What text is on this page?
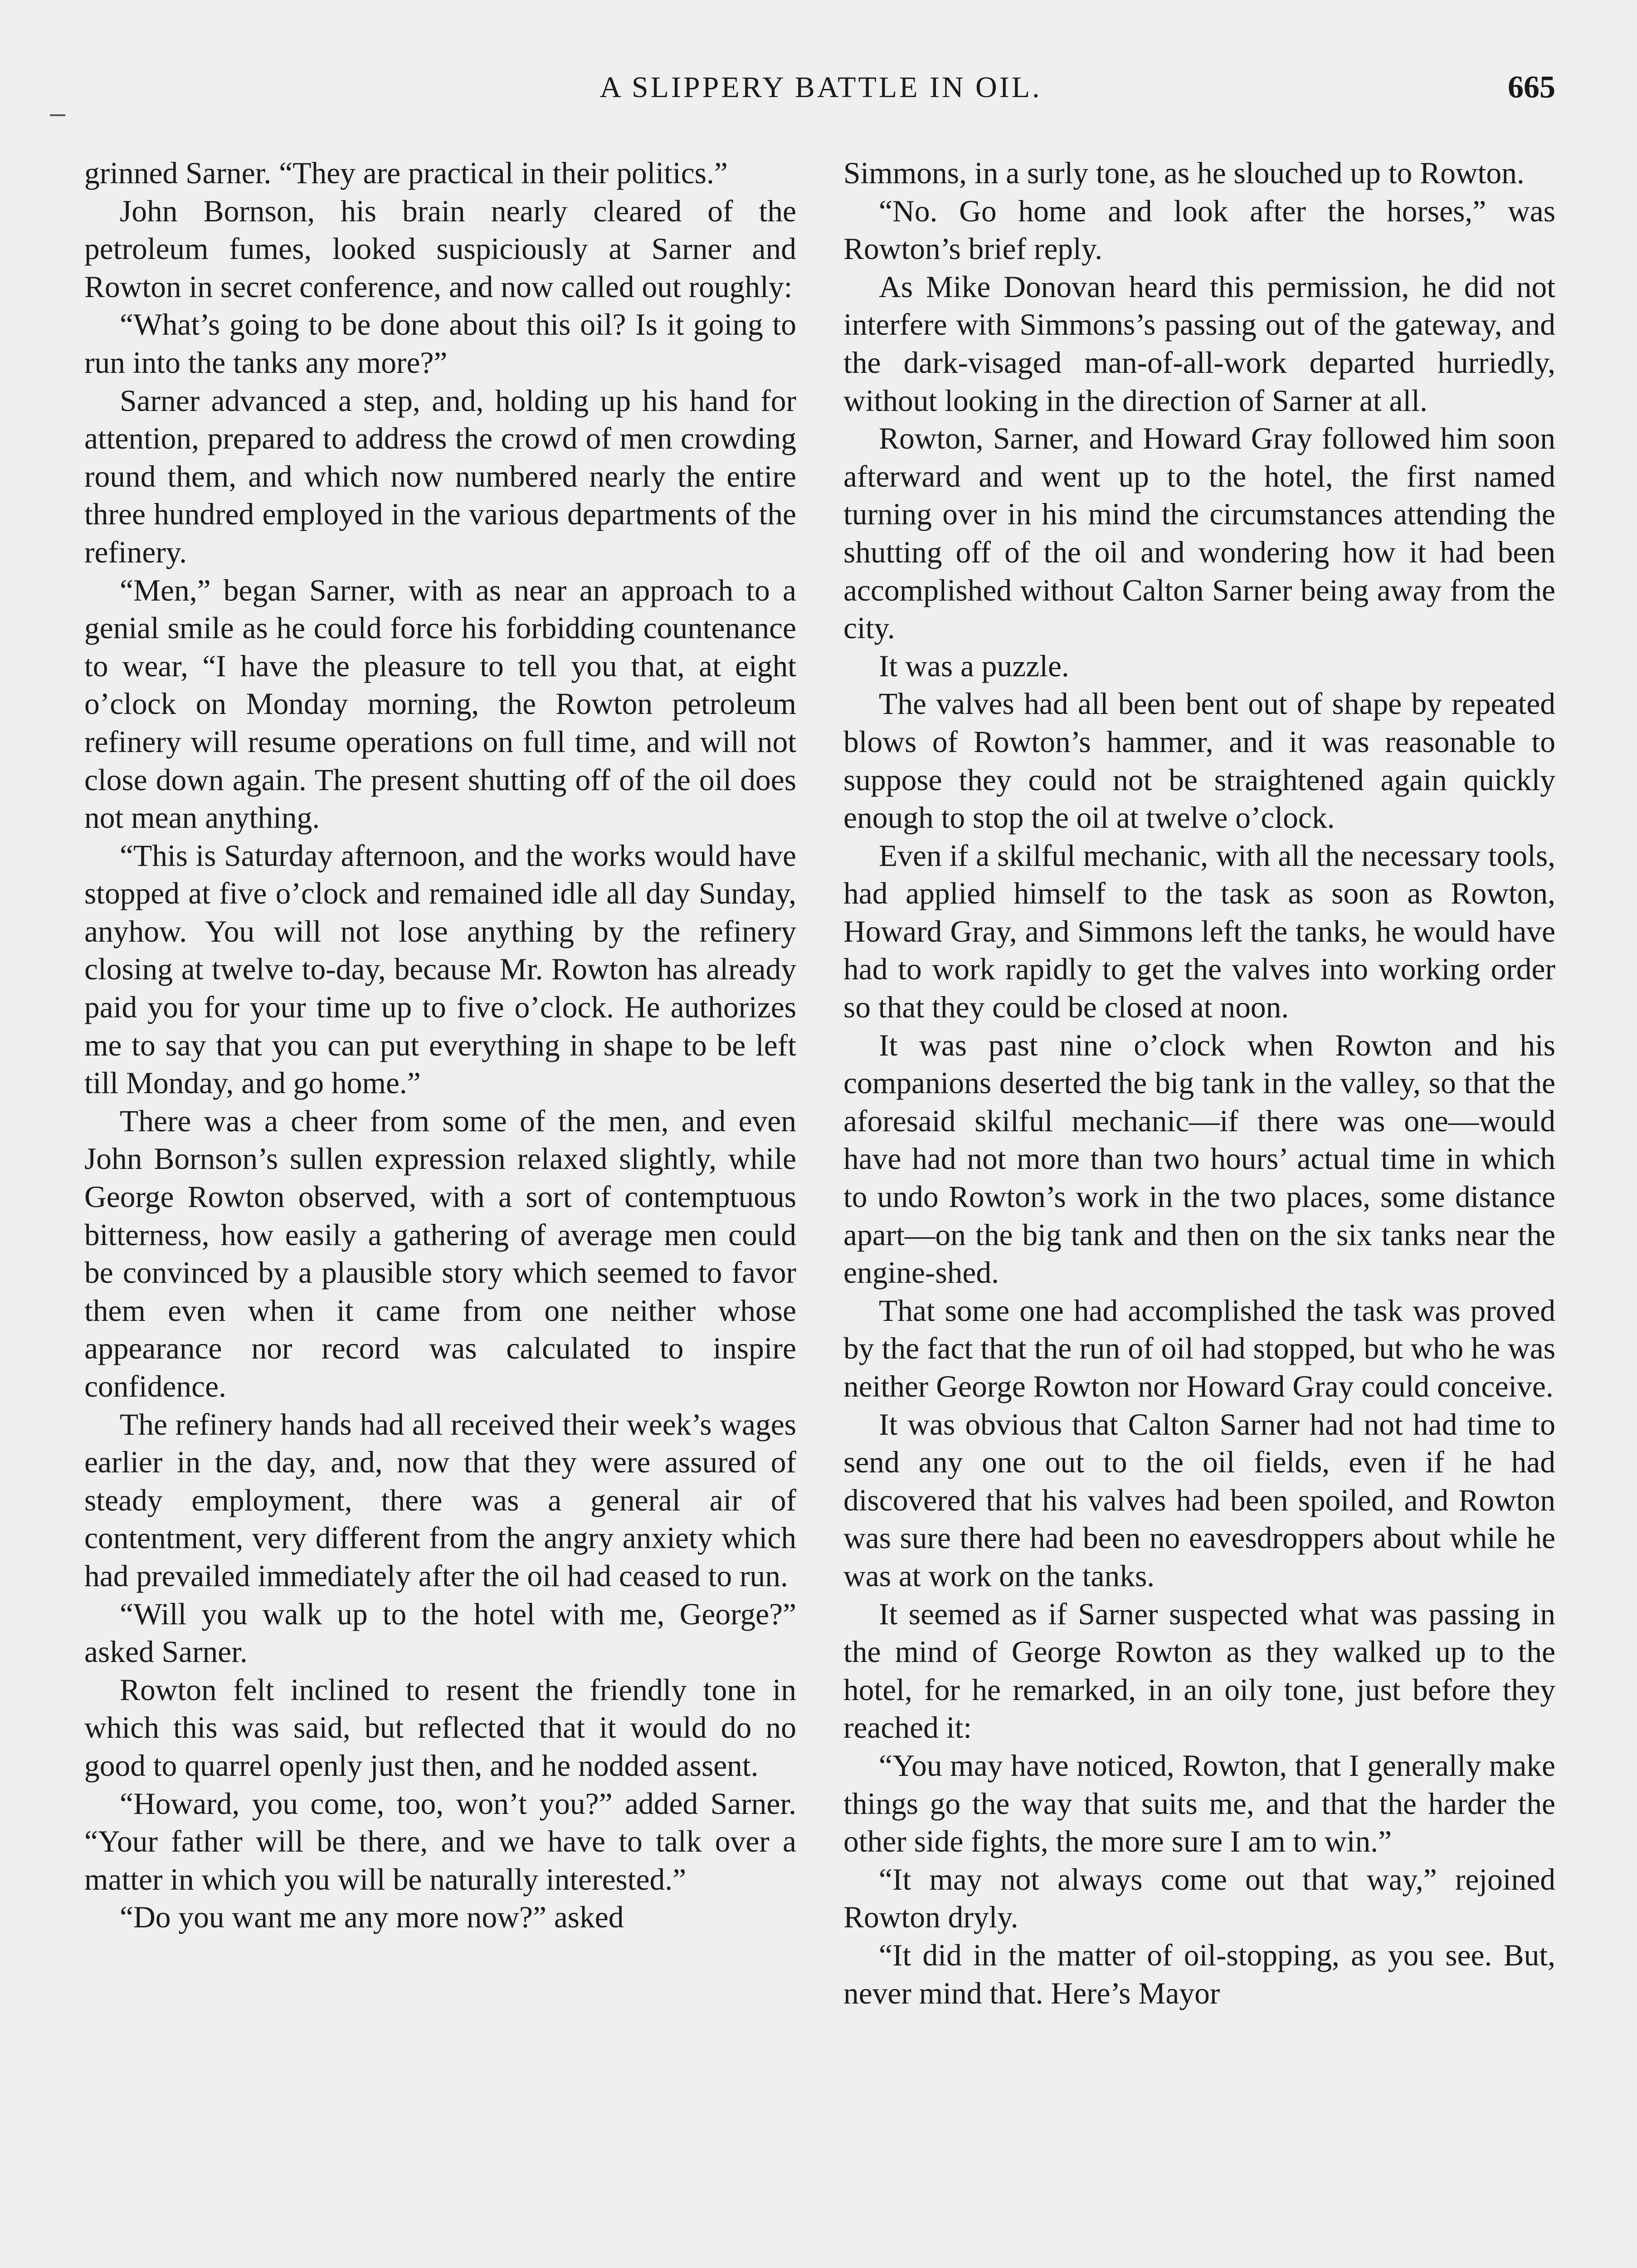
A SLIPPERY BATTLE IN OIL.	665

grinned Sarner. “They are practical in their politics.”

John Bornson, his brain nearly cleared of the petroleum fumes, looked suspiciously at Sarner and Rowton in secret conference, and now called out roughly:

“What’s going to be done about this oil? Is it going to run into the tanks any more?”

Sarner advanced a step, and, holding up his hand for attention, prepared to address the crowd of men crowding round them, and which now numbered nearly the entire three hundred employed in the various departments of the refinery.

“Men,” began Sarner, with as near an approach to a genial smile as he could force his forbidding countenance to wear, “I have the pleasure to tell you that, at eight o’clock on Monday morning, the Rowton petroleum refinery will resume operations on full time, and will not close down again. The present shutting off of the oil does not mean anything.

“This is Saturday afternoon, and the works would have stopped at five o’clock and remained idle all day Sunday, anyhow. You will not lose anything by the refinery closing at twelve to-day, because Mr. Rowton has already paid you for your time up to five o’clock. He authorizes me to say that you can put everything in shape to be left till Monday, and go home.”

There was a cheer from some of the men, and even John Bornson’s sullen expression relaxed slightly, while George Rowton observed, with a sort of contemptuous bitterness, how easily a gathering of average men could be convinced by a plausible story which seemed to favor them even when it came from one neither whose appearance nor record was calculated to inspire confidence.

The refinery hands had all received their week’s wages earlier in the day, and, now that they were assured of steady employment, there was a general air of contentment, very different from the angry anxiety which had prevailed immediately after the oil had ceased to run.

“Will you walk up to the hotel with me, George?” asked Sarner.

Rowton felt inclined to resent the friendly tone in which this was said, but reflected that it would do no good to quarrel openly just then, and he nodded assent.

“Howard, you come, too, won’t you?” added Sarner. “Your father will be there, and we have to talk over a matter in which you will be naturally interested.”

“Do you want me any more now?” asked

Simmons, in a surly tone, as he slouched up to Rowton.

“No. Go home and look after the horses,” was Rowton’s brief reply.

As Mike Donovan heard this permission, he did not interfere with Simmons’s passing out of the gateway, and the dark-visaged man-of-all-work departed hurriedly, without looking in the direction of Sarner at all.

Rowton, Sarner, and Howard Gray followed him soon afterward and went up to the hotel, the first named turning over in his mind the circumstances attending the shutting off of the oil and wondering how it had been accomplished without Calton Sarner being away from the city.

It was a puzzle.

The valves had all been bent out of shape by repeated blows of Rowton’s hammer, and it was reasonable to suppose they could not be straightened again quickly enough to stop the oil at twelve o’clock.

Even if a skilful mechanic, with all the necessary tools, had applied himself to the task as soon as Rowton, Howard Gray, and Simmons left the tanks, he would have had to work rapidly to get the valves into working order so that they could be closed at noon.

It was past nine o’clock when Rowton and his companions deserted the big tank in the valley, so that the aforesaid skilful mechanic—if there was one—would have had not more than two hours’ actual time in which to undo Rowton’s work in the two places, some distance apart—on the big tank and then on the six tanks near the engine-shed.

That some one had accomplished the task was proved by the fact that the run of oil had stopped, but who he was neither George Rowton nor Howard Gray could conceive.

It was obvious that Calton Sarner had not had time to send any one out to the oil fields, even if he had discovered that his valves had been spoiled, and Rowton was sure there had been no eavesdroppers about while he was at work on the tanks.

It seemed as if Sarner suspected what was passing in the mind of George Rowton as they walked up to the hotel, for he remarked, in an oily tone, just before they reached it:

“You may have noticed, Rowton, that I generally make things go the way that suits me, and that the harder the other side fights, the more sure I am to win.”

“It may not always come out that way,” rejoined Rowton dryly.

“It did in the matter of oil-stopping, as you see. But, never mind that. Here’s Mayor
